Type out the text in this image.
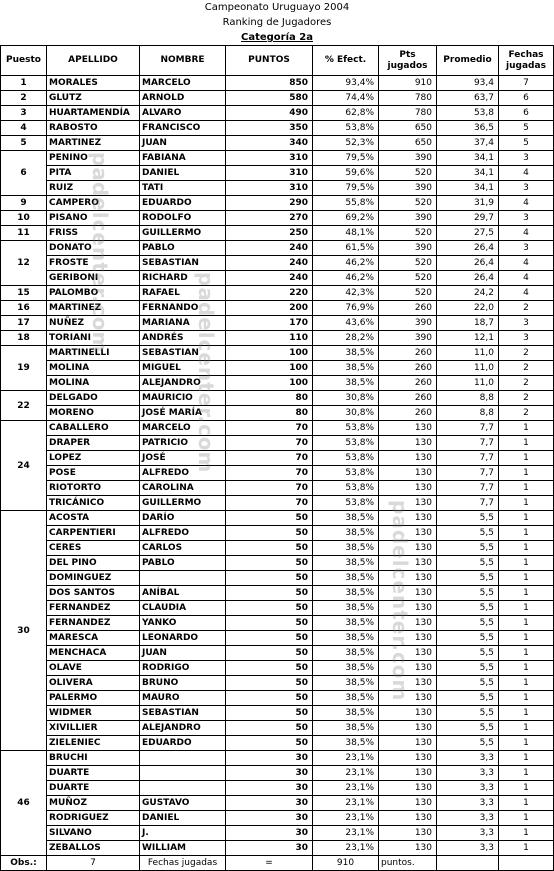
Campeonato Uruguayo 2004
Ranking de Jugadores
Categoría 2a
Puesto	APELLIDO	NOMBRE	PUNTOS	% Efect.	Pts jugados	Promedio	Fechas jugadas
1	MORALES	MARCELO	850	93,4%	910	93,4	7
2	GLUTZ	ARNOLD	580	74,4%	780	63,7	6
3	HUARTAMENDÍA	ALVARO	490	62,8%	780	53,8	6
4	RABOSTO	FRANCISCO	350	53,8%	650	36,5	5
5	MARTINEZ	JUAN	340	52,3%	650	37,4	5
6	PENINO	FABIANA	310	79,5%	390	34,1	3
	PITA	DANIEL	310	59,6%	520	34,1	4
	RUIZ	TATI	310	79,5%	390	34,1	3
9	CAMPERO	EDUARDO	290	55,8%	520	31,9	4
10	PISANO	RODOLFO	270	69,2%	390	29,7	3
11	FRISS	GUILLERMO	250	48,1%	520	27,5	4
12	DONATO	PABLO	240	61,5%	390	26,4	3
	FROSTE	SEBASTIAN	240	46,2%	520	26,4	4
	GERIBONI	RICHARD	240	46,2%	520	26,4	4
15	PALOMBO	RAFAEL	220	42,3%	520	24,2	4
16	MARTINEZ	FERNANDO	200	76,9%	260	22,0	2
17	NUÑEZ	MARIANA	170	43,6%	390	18,7	3
18	TORIANI	ANDRÉS	110	28,2%	390	12,1	3
19	MARTINELLI	SEBASTIAN	100	38,5%	260	11,0	2
	MOLINA	MIGUEL	100	38,5%	260	11,0	2
	MOLINA	ALEJANDRO	100	38,5%	260	11,0	2
22	DELGADO	MAURICIO	80	30,8%	260	8,8	2
	MORENO	JOSÉ MARÍA	80	30,8%	260	8,8	2
24	CABALLERO	MARCELO	70	53,8%	130	7,7	1
	DRAPER	PATRICIO	70	53,8%	130	7,7	1
	LOPEZ	JOSÉ	70	53,8%	130	7,7	1
	POSE	ALFREDO	70	53,8%	130	7,7	1
	RIOTORTO	CAROLINA	70	53,8%	130	7,7	1
	TRICÁNICO	GUILLERMO	70	53,8%	130	7,7	1
30	ACOSTA	DARÍO	50	38,5%	130	5,5	1
	CARPENTIERI	ALFREDO	50	38,5%	130	5,5	1
	CERES	CARLOS	50	38,5%	130	5,5	1
	DEL PINO	PABLO	50	38,5%	130	5,5	1
	DOMINGUEZ		50	38,5%	130	5,5	1
	DOS SANTOS	ANÍBAL	50	38,5%	130	5,5	1
	FERNANDEZ	CLAUDIA	50	38,5%	130	5,5	1
	FERNANDEZ	YANKO	50	38,5%	130	5,5	1
	MARESCA	LEONARDO	50	38,5%	130	5,5	1
	MENCHACA	JUAN	50	38,5%	130	5,5	1
	OLAVE	RODRIGO	50	38,5%	130	5,5	1
	OLIVERA	BRUNO	50	38,5%	130	5,5	1
	PALERMO	MAURO	50	38,5%	130	5,5	1
	WIDMER	SEBASTIAN	50	38,5%	130	5,5	1
	XIVILLIER	ALEJANDRO	50	38,5%	130	5,5	1
	ZIELENIEC	EDUARDO	50	38,5%	130	5,5	1
46	BRUCHI		30	23,1%	130	3,3	1
	DUARTE		30	23,1%	130	3,3	1
	DUARTE		30	23,1%	130	3,3	1
	MUÑOZ	GUSTAVO	30	23,1%	130	3,3	1
	RODRIGUEZ	DANIEL	30	23,1%	130	3,3	1
	SILVANO	J.	30	23,1%	130	3,3	1
	ZEBALLOS	WILLIAM	30	23,1%	130	3,3	1
Obs.:	7	Fechas jugadas	=	910	puntos.		
padelcenter.com
padelcenter.com
padelcenter.com
